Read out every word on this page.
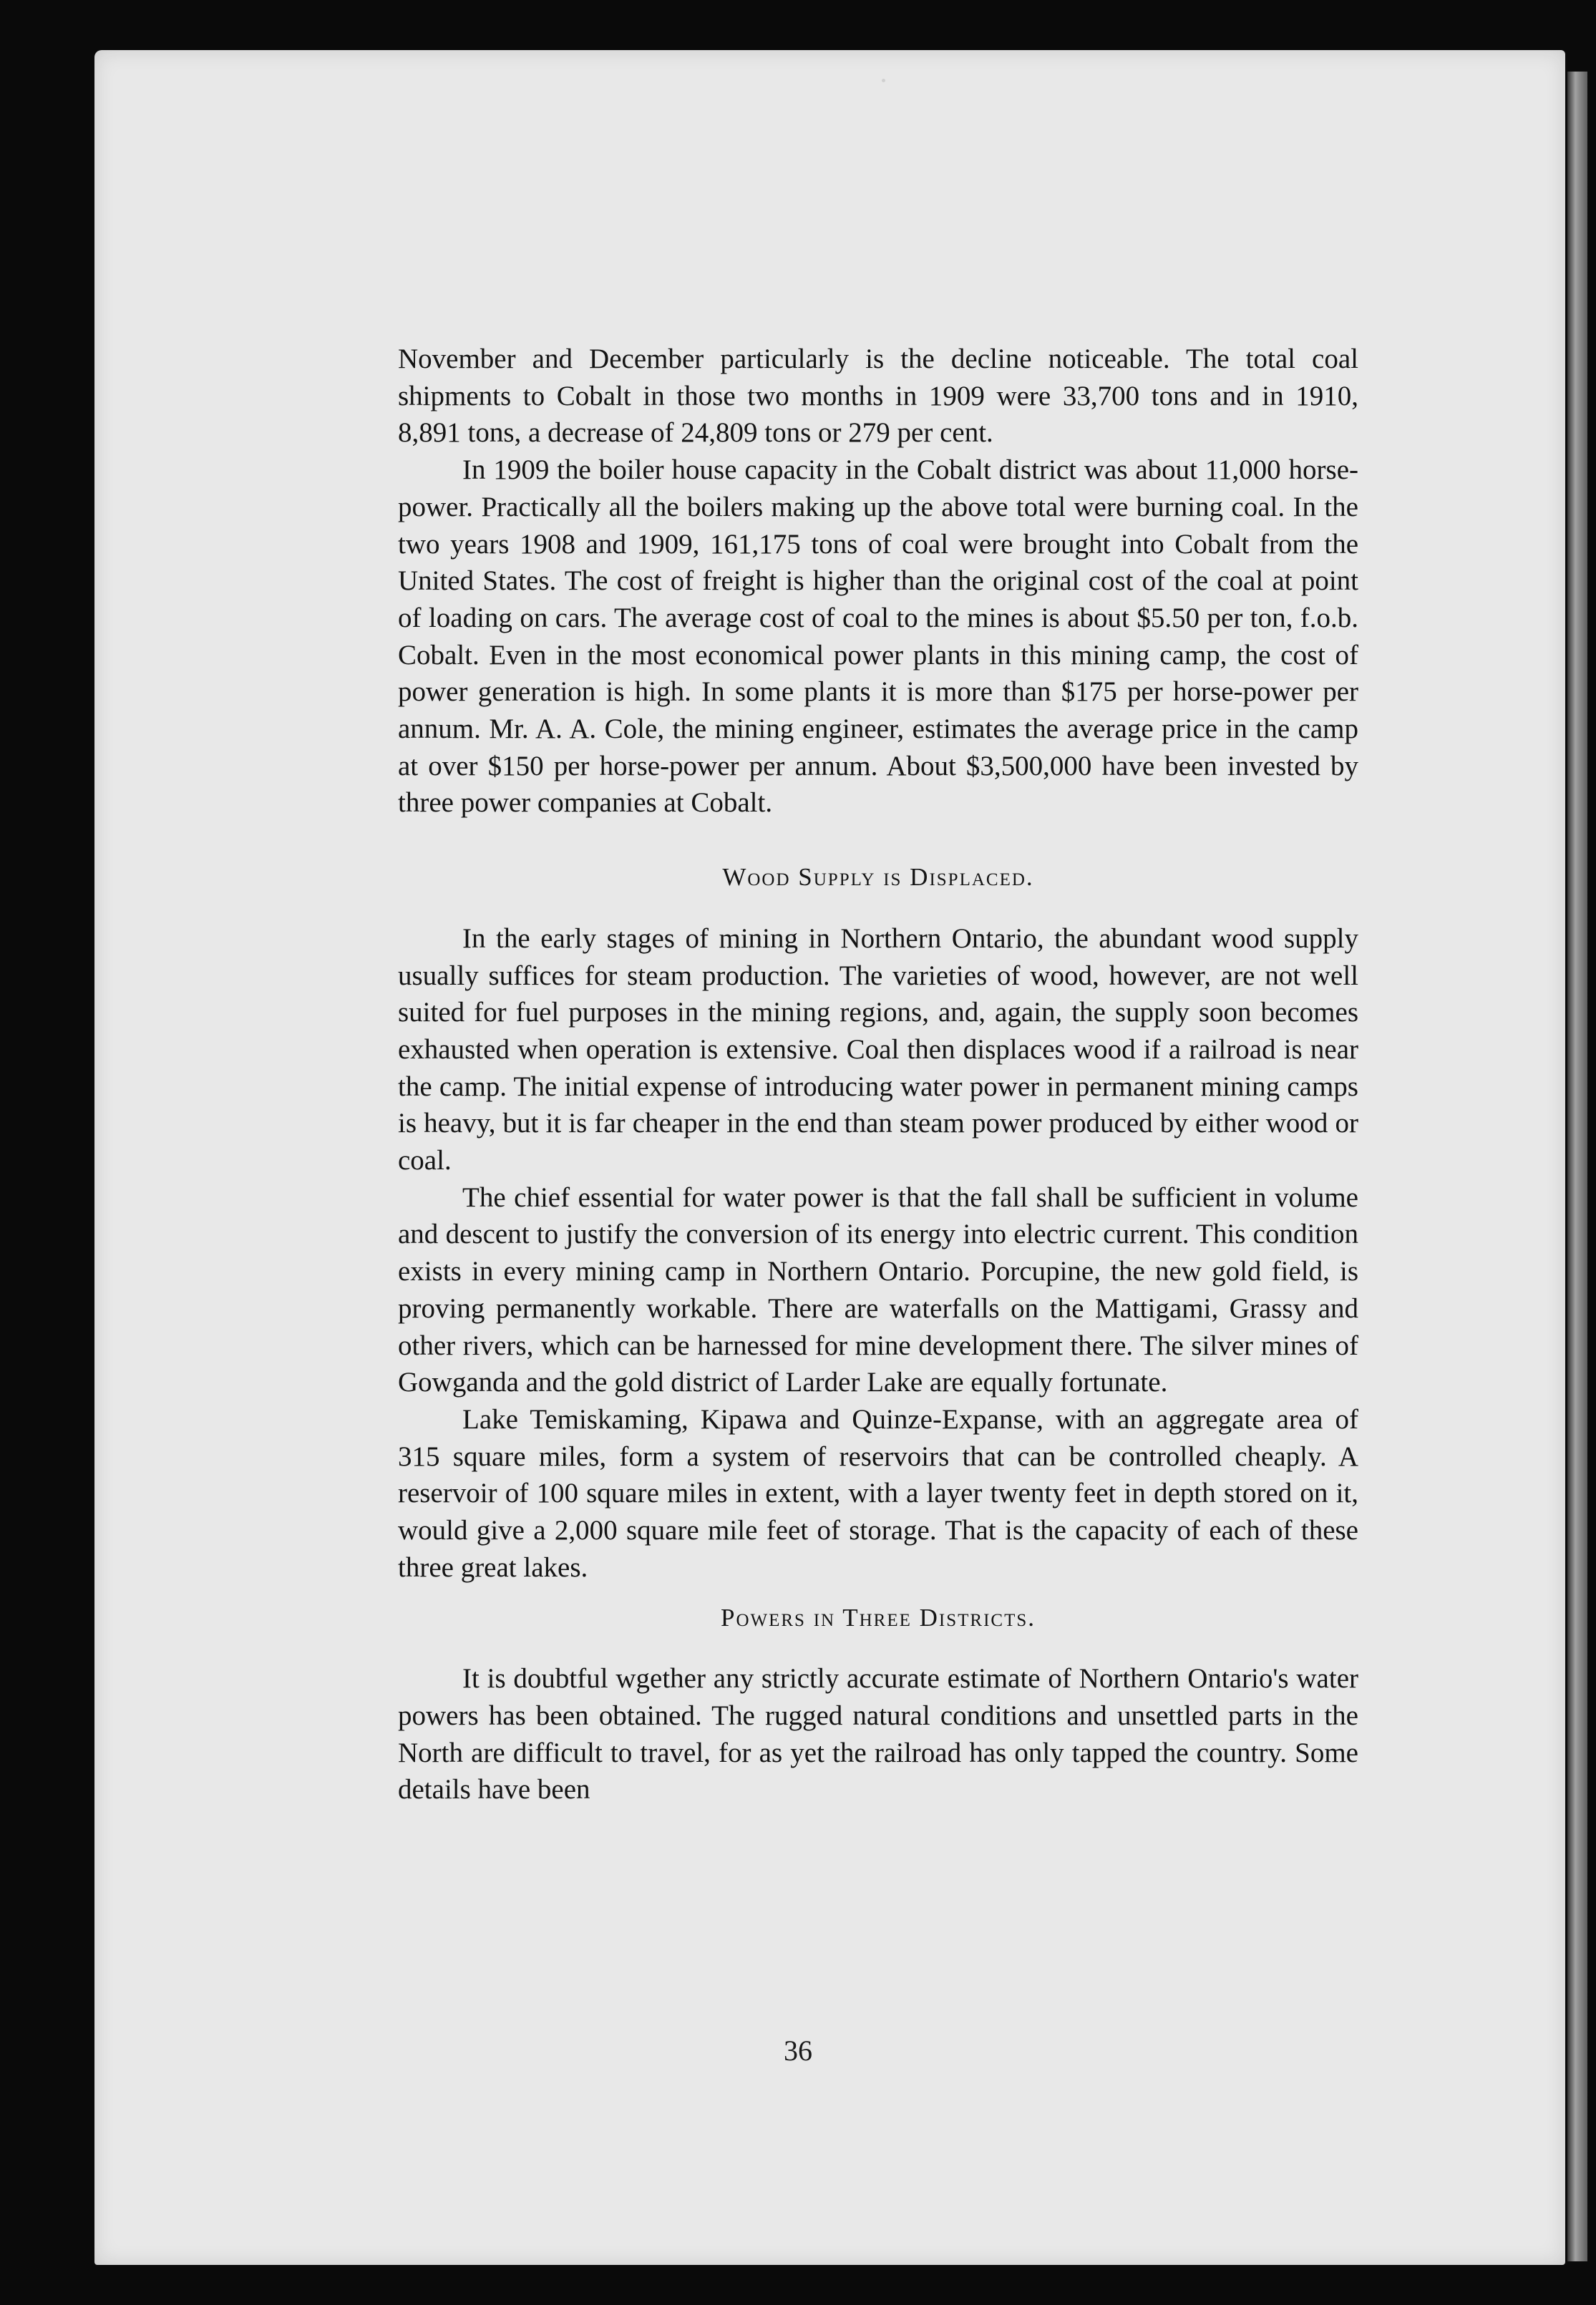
November and December particularly is the decline noticeable. The total coal shipments to Cobalt in those two months in 1909 were 33,700 tons and in 1910, 8,891 tons, a decrease of 24,809 tons or 279 per cent.

In 1909 the boiler house capacity in the Cobalt district was about 11,000 horse-power. Practically all the boilers making up the above total were burning coal. In the two years 1908 and 1909, 161,175 tons of coal were brought into Cobalt from the United States. The cost of freight is higher than the original cost of the coal at point of loading on cars. The average cost of coal to the mines is about $5.50 per ton, f.o.b. Cobalt. Even in the most economical power plants in this mining camp, the cost of power generation is high. In some plants it is more than $175 per horse-power per annum. Mr. A. A. Cole, the mining engineer, estimates the average price in the camp at over $150 per horse-power per annum. About $3,500,000 have been invested by three power companies at Cobalt.

Wood Supply is Displaced.

In the early stages of mining in Northern Ontario, the abundant wood supply usually suffices for steam production. The varieties of wood, however, are not well suited for fuel purposes in the mining regions, and, again, the supply soon becomes exhausted when operation is extensive. Coal then displaces wood if a railroad is near the camp. The initial expense of introducing water power in permanent mining camps is heavy, but it is far cheaper in the end than steam power produced by either wood or coal.

The chief essential for water power is that the fall shall be sufficient in volume and descent to justify the conversion of its energy into electric current. This condition exists in every mining camp in Northern Ontario. Porcupine, the new gold field, is proving permanently workable. There are waterfalls on the Mattigami, Grassy and other rivers, which can be harnessed for mine development there. The silver mines of Gowganda and the gold district of Larder Lake are equally fortunate.

Lake Temiskaming, Kipawa and Quinze-Expanse, with an aggregate area of 315 square miles, form a system of reservoirs that can be controlled cheaply. A reservoir of 100 square miles in extent, with a layer twenty feet in depth stored on it, would give a 2,000 square mile feet of storage. That is the capacity of each of these three great lakes.

Powers in Three Districts.

It is doubtful wgether any strictly accurate estimate of Northern Ontario's water powers has been obtained. The rugged natural conditions and unsettled parts in the North are difficult to travel, for as yet the railroad has only tapped the country. Some details have been

36
